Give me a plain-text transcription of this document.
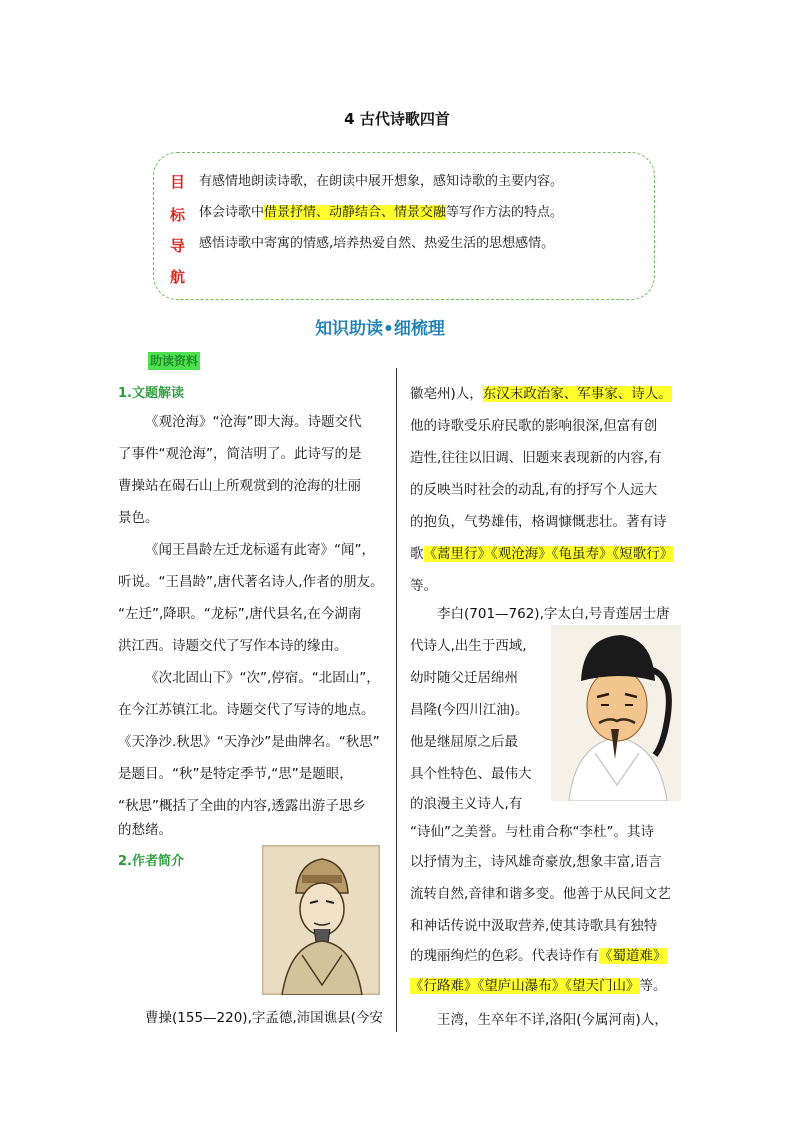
4 古代诗歌四首
目
标
导
航
有感情地朗读诗歌，在朗读中展开想象，感知诗歌的主要内容。
体会诗歌中借景抒情、动静结合、情景交融等写作方法的特点。
感悟诗歌中寄寓的情感,培养热爱自然、热爱生活的思想感情。
知识助读•细梳理
助读资料
1.文题解读
《观沧海》“沧海”即大海。诗题交代
了事件“观沧海”，简洁明了。此诗写的是
曹操站在碣石山上所观赏到的沧海的壮丽
景色。
《闻王昌龄左迁龙标遥有此寄》“闻”，
听说。“王昌龄”,唐代著名诗人,作者的朋友。
“左迁”,降职。“龙标”,唐代县名,在今湖南
洪江西。诗题交代了写作本诗的缘由。
《次北固山下》“次”,停宿。“北固山”，
在今江苏镇江北。诗题交代了写诗的地点。
《天净沙.秋思》“天净沙”是曲牌名。“秋思”
是题目。“秋”是特定季节,“思”是题眼，
“秋思”概括了全曲的内容,透露出游子思乡
的愁绪。
2.作者简介
曹操(155—220),字孟德,沛国谯县(今安
徽亳州)人，东汉末政治家、军事家、诗人。
他的诗歌受乐府民歌的影响很深,但富有创
造性,往往以旧调、旧题来表现新的内容,有
的反映当时社会的动乱,有的抒写个人远大
的抱负，气势雄伟，格调慷慨悲壮。著有诗
歌《蒿里行》《观沧海》《龟虽寿》《短歌行》
等。
李白(701—762),字太白,号青莲居士唐
代诗人,出生于西域,
幼时随父迁居绵州
昌隆(今四川江油)。
他是继屈原之后最
具个性特色、最伟大
的浪漫主义诗人,有
“诗仙”之美誉。与杜甫合称“李杜”。其诗
以抒情为主，诗风雄奇豪放,想象丰富,语言
流转自然,音律和谐多变。他善于从民间文艺
和神话传说中汲取营养,使其诗歌具有独特
的瑰丽绚烂的色彩。代表诗作有《蜀道难》
《行路难》《望庐山瀑布》《望天门山》等。
王湾，生卒年不详,洛阳(今属河南)人，
